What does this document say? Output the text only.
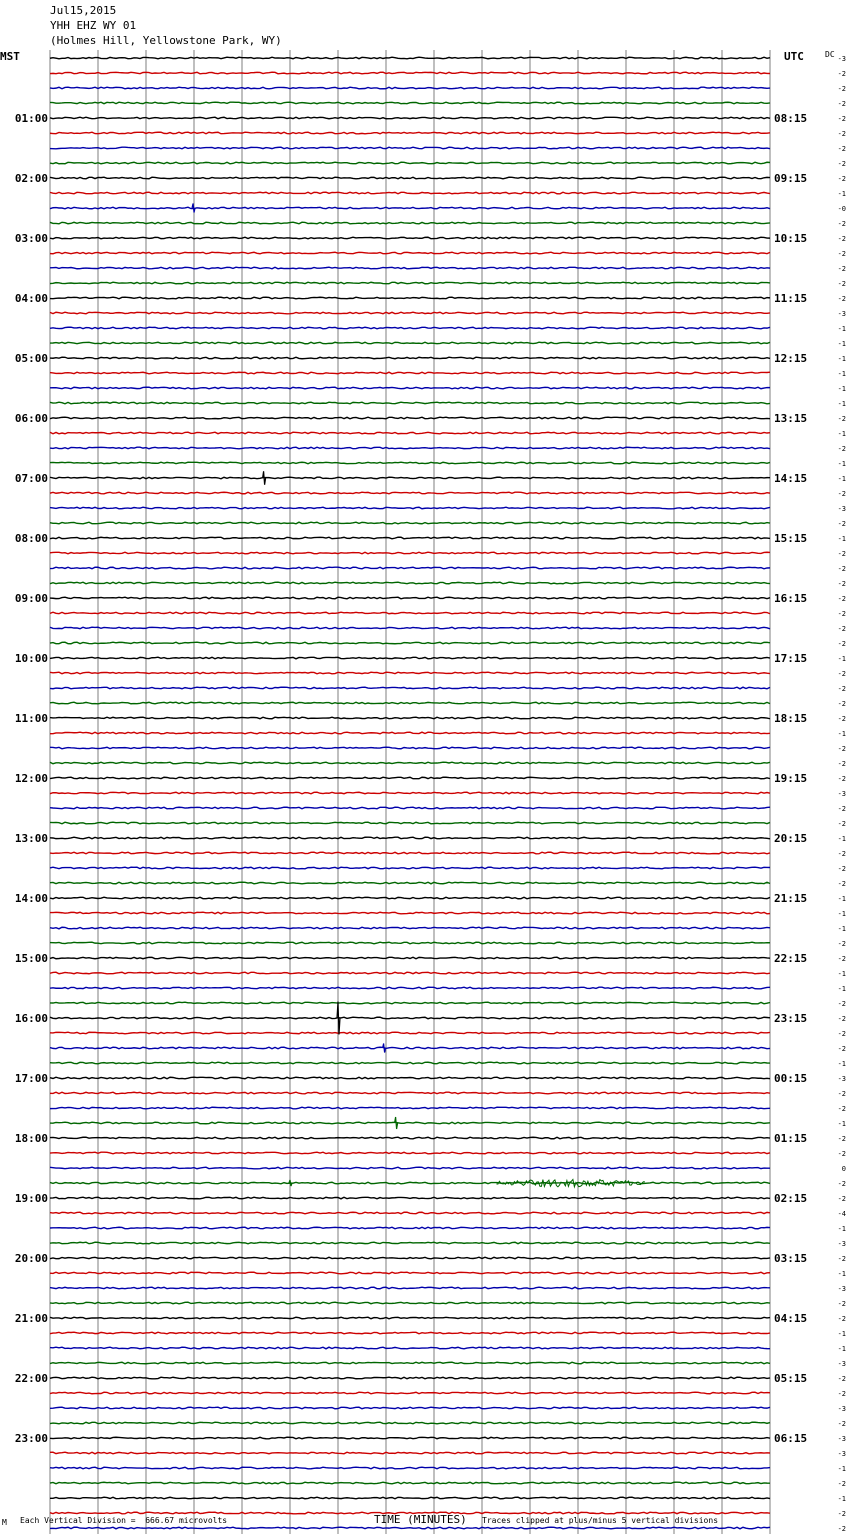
-3
-2
-2
-2
-2
-2
-2
-2
-2
-1
-0
-2
-2
-2
-2
-2
-2
-3
-1
-1
-1
-1
-1
-1
-2
-1
-2
-1
-1
-2
-3
-2
-1
-2
-2
-2
-2
-2
-2
-2
-1
-2
-2
-2
-2
-1
-2
-2
-2
-3
-2
-2
-1
-2
-2
-2
-1
-1
-1
-2
-2
-1
-1
-2
-2
-2
-2
-1
-3
-2
-2
-1
-2
-2
0
-2
-2
-4
-1
-3
-2
-1
-3
-2
-2
-1
-1
-3
-2
-2
-3
-2
-3
-3
-1
-2
-1
-2
-2
01:00	08:15
02:00	09:15
03:00	10:15
04:00	11:15
05:00	12:15
06:00	13:15
07:00	14:15
08:00	15:15
09:00	16:15
10:00	17:15
11:00	18:15
12:00	19:15
13:00	20:15
14:00	21:15
15:00	22:15
16:00	23:15
17:00	00:15
18:00	01:15
19:00	02:15
20:00	03:15
21:00	04:15
22:00	05:15
23:00	06:15
Jul15,2015
YHH EHZ WY 01
(Holmes Hill, Yellowstone Park, WY)
MST	UTC	DC
M Each Vertical Division =  666.67 microvolts	TIME (MINUTES) Traces clipped at plus/minus 5 vertical divisions
